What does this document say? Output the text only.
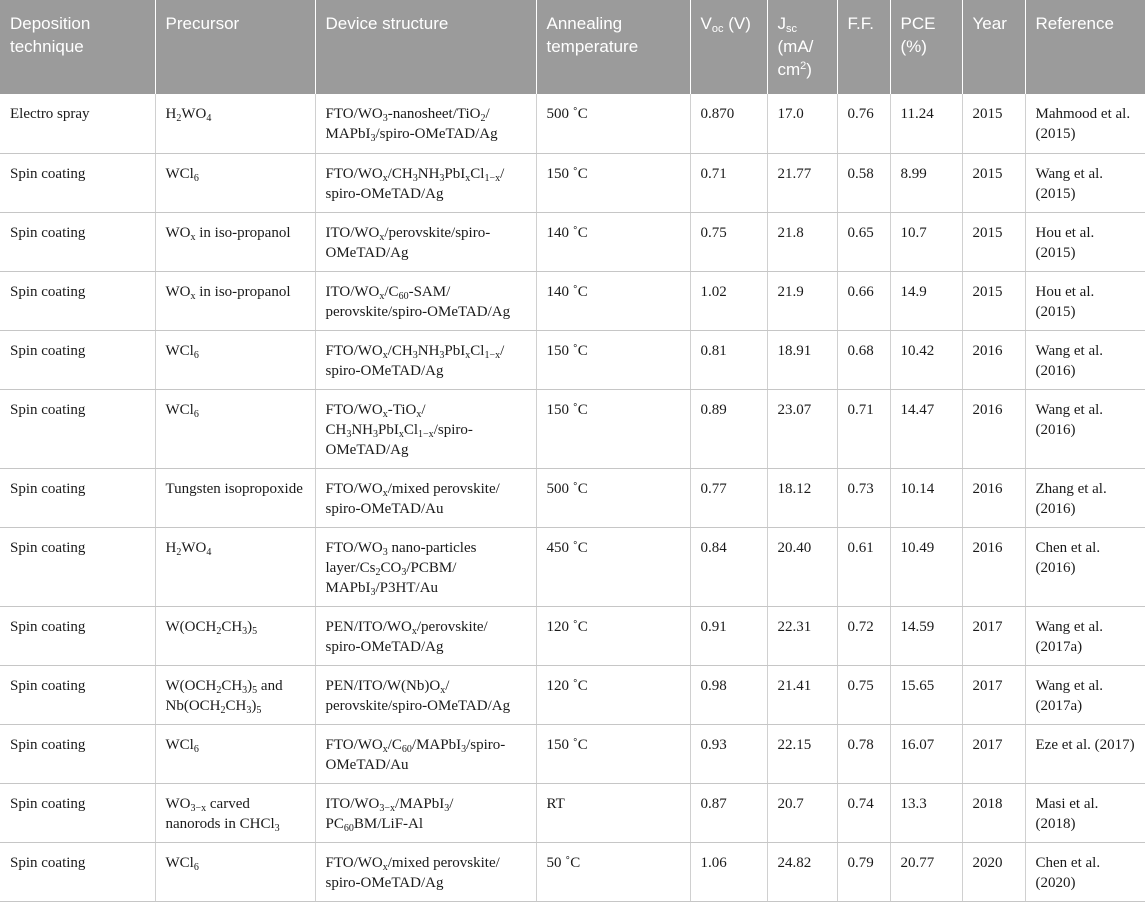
Deposition technique	Precursor	Device structure	Annealing temperature	$V_{oc}$ (V)	$J_{sc}$ (mA/ $cm^2$)	F.F.	PCE (%)	Year	Reference
Electro spray	$H_2WO_4$	FTO/$WO_3-nanosheet/TiO_2/$ MAPbI$_3$/spiro-OMeTAD/Ag	500 ˚C	0.870	17.0	0.76	11.24	2015	Mahmood et al. (2015)
Spin coating	WCl$_6$	FTO/$WO_x/CH_3NH_3PbI_xCl_{1-x}/$ spiro-OMeTAD/Ag	150 ˚C	0.71	21.77	0.58	8.99	2015	Wang et al. (2015)
Spin coating	$WO_x$ in iso-propanol	ITO/$WO_x/perovskite/spiro-$ OMeTAD/Ag	140 ˚C	0.75	21.8	0.65	10.7	2015	Hou et al. (2015)
Spin coating	$WO_x$ in iso-propanol	ITO/$WO_x/C_{60}-SAM/$ perovskite/spiro-OMeTAD/Ag	140 ˚C	1.02	21.9	0.66	14.9	2015	Hou et al. (2015)
Spin coating	WCl$_6$	FTO/$WO_x/CH_3NH_3PbI_xCl_{1-x}/$ spiro-OMeTAD/Ag	150 ˚C	0.81	18.91	0.68	10.42	2016	Wang et al. (2016)
Spin coating	WCl$_6$	FTO/$WO_x-TiO_x/$ $CH_3NH_3PbI_xCl_{1-x}/spiro-$ OMeTAD/Ag	150 ˚C	0.89	23.07	0.71	14.47	2016	Wang et al. (2016)
Spin coating	Tungsten isopropoxide	FTO/$WO_x$/mixed perovskite/ spiro-OMeTAD/Au	500 ˚C	0.77	18.12	0.73	10.14	2016	Zhang et al. (2016)
Spin coating	$H_2WO_4$	FTO/$WO_3$ nano-particles layer/$Cs_2CO_3/PCBM/$ MAPbI$_3$/P3HT/Au	450 ˚C	0.84	20.40	0.61	10.49	2016	Chen et al. (2016)
Spin coating	$W(OCH_2CH_3)_5$	PEN/$ITO/WO_x/perovskite/$ spiro-OMeTAD/Ag	120 ˚C	0.91	22.31	0.72	14.59	2017	Wang et al. (2017a)
Spin coating	$W(OCH_2CH_3)_5$ and $Nb(OCH_2CH_3)_5$	PEN/$ITO/W(Nb)O_x/$ perovskite/spiro-OMeTAD/Ag	120 ˚C	0.98	21.41	0.75	15.65	2017	Wang et al. (2017a)
Spin coating	WCl$_6$	FTO/$WO_x/C_{60}/MAPbI_3/spiro-$ OMeTAD/Au	150 ˚C	0.93	22.15	0.78	16.07	2017	Eze et al. (2017)
Spin coating	$WO_{3-x}$ carved nanorods in CHCl$_3$	ITO/$WO_{3-x}/MAPbI_3/$ $PC_{60}BM/LiF-Al$	RT	0.87	20.7	0.74	13.3	2018	Masi et al. (2018)
Spin coating	WCl$_6$	FTO/$WO_x$/mixed perovskite/ spiro-OMeTAD/Ag	50 ˚C	1.06	24.82	0.79	20.77	2020	Chen et al. (2020)
